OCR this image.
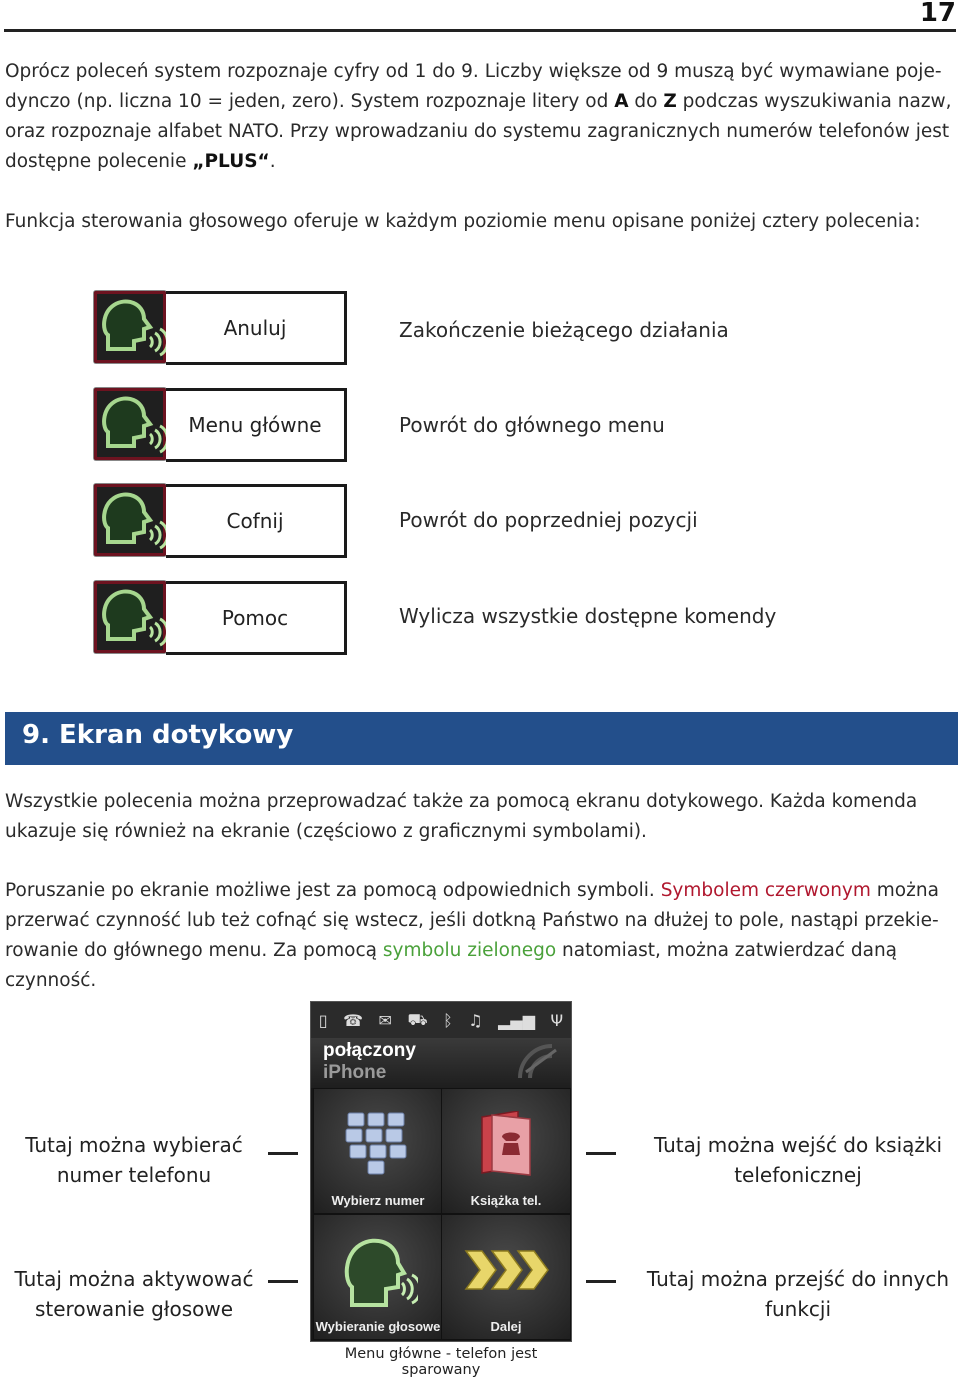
17
Oprócz poleceń system rozpoznaje cyfry od 1 do 9. Liczby większe od 9 muszą być wymawiane poje-
dynczo (np. liczna 10 = jeden, zero). System rozpoznaje litery od A do Z podczas wyszukiwania nazw,
oraz rozpoznaje alfabet NATO. Przy wprowadzaniu do systemu zagranicznych numerów telefonów jest
dostępne polecenie „PLUS“.
Funkcja sterowania głosowego oferuje w każdym poziomie menu opisane poniżej cztery polecenia:
Anuluj	Zakończenie bieżącego działania
Menu główne	Powrót do głównego menu
Cofnij	Powrót do poprzedniej pozycji
Pomoc	Wylicza wszystkie dostępne komendy
9. Ekran dotykowy
Wszystkie polecenia można przeprowadzać także za pomocą ekranu dotykowego. Każda komenda
ukazuje się również na ekranie (częściowo z graficznymi symbolami).
Poruszanie po ekranie możliwe jest za pomocą odpowiednich symboli. Symbolem czerwonym można
przerwać czynność lub też cofnąć się wstecz, jeśli dotkną Państwo na dłużej to pole, nastąpi przekie-
rowanie do głównego menu. Za pomocą symbolu zielonego natomiast, można zatwierdzać daną
czynność.
▯ ☎ ✉ ⛟ ᛒ ♫ ▂▄▆ Ψ
połączony
iPhone
Wybierz numer	Książka tel.
Wybieranie głosowe	Dalej
Menu główne - telefon jest sparowany
Tutaj można wybierać
numer telefonu
Tutaj można wejść do książki
telefonicznej
Tutaj można aktywować
sterowanie głosowe
Tutaj można przejść do innych
funkcji
